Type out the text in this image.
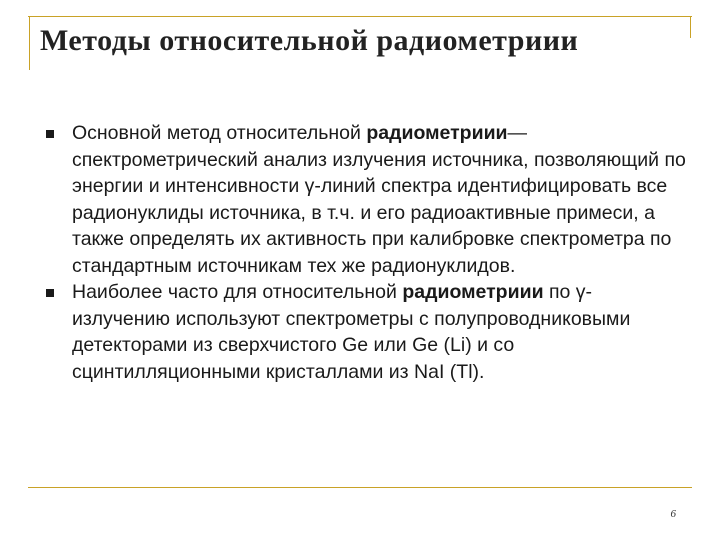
Методы относительной радиометриии
Основной метод относительной радиометриии— спектрометрический анализ излучения источника, позволяющий по энергии и интенсивности γ-линий спектра идентифицировать все радионуклиды источника, в т.ч. и его радиоактивные примеси, а также определять их активность при калибровке спектрометра по стандартным источникам тех же радионуклидов.
Наиболее часто для относительной радиометриии по γ-излучению используют спектрометры с полупроводниковыми детекторами из сверхчистого Ge или Ge (Li) и со сцинтилляционными кристаллами из NaI (Tl).
6
